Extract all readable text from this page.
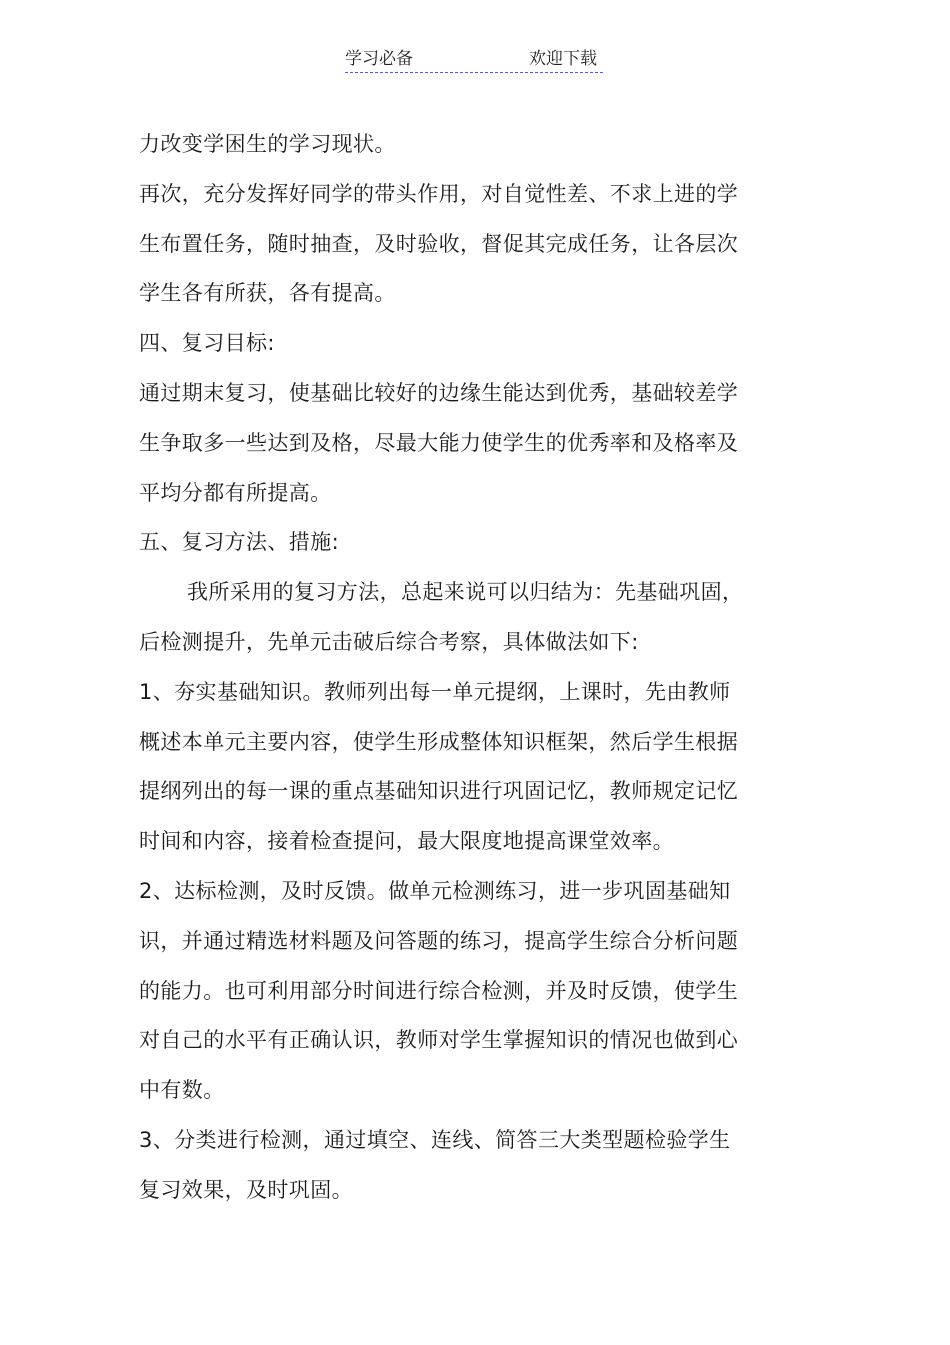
学习必备	欢迎下载

力改变学困生的学习现状。

再次，充分发挥好同学的带头作用，对自觉性差、不求上进的学

生布置任务，随时抽查，及时验收，督促其完成任务，让各层次

学生各有所获，各有提高。

四、复习目标:

通过期末复习，使基础比较好的边缘生能达到优秀，基础较差学

生争取多一些达到及格，尽最大能力使学生的优秀率和及格率及

平均分都有所提高。

五、复习方法、措施:

我所采用的复习方法，总起来说可以归结为：先基础巩固，

后检测提升，先单元击破后综合考察，具体做法如下:

1、夯实基础知识。教师列出每一单元提纲，上课时，先由教师

概述本单元主要内容，使学生形成整体知识框架，然后学生根据

提纲列出的每一课的重点基础知识进行巩固记忆，教师规定记忆

时间和内容，接着检查提问，最大限度地提高课堂效率。

2、达标检测，及时反馈。做单元检测练习，进一步巩固基础知

识，并通过精选材料题及问答题的练习，提高学生综合分析问题

的能力。也可利用部分时间进行综合检测，并及时反馈，使学生

对自己的水平有正确认识，教师对学生掌握知识的情况也做到心

中有数。

3、分类进行检测，通过填空、连线、简答三大类型题检验学生

复习效果，及时巩固。
